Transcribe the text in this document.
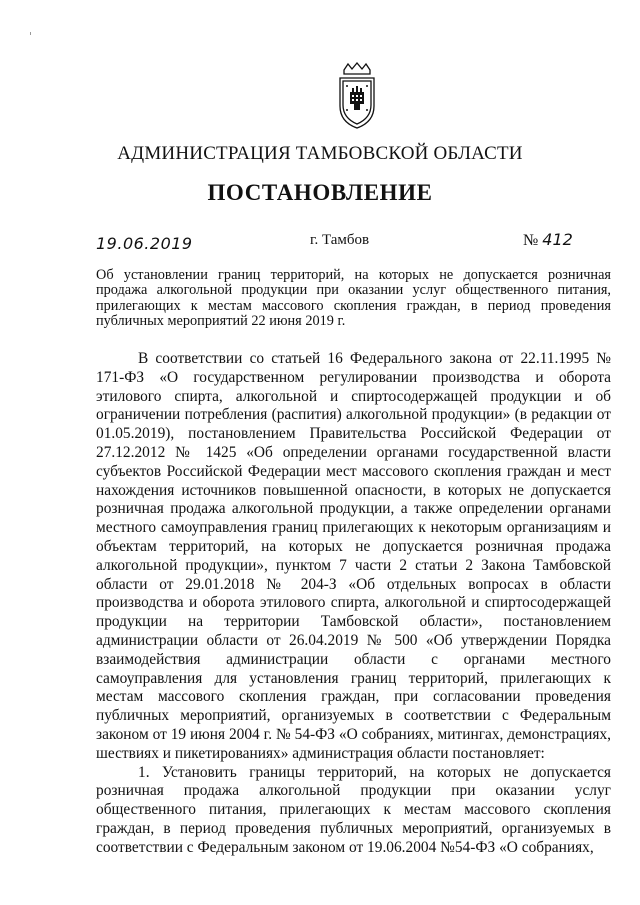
АДМИНИСТРАЦИЯ ТАМБОВСКОЙ ОБЛАСТИ
ПОСТАНОВЛЕНИЕ
19.06.2019	г. Тамбов	№ 412
Об установлении границ территорий, на которых не допускается розничная продажа алкогольной продукции при оказании услуг общественного питания, прилегающих к местам массового скопления граждан, в период проведения публичных мероприятий 22 июня 2019 г.

В соответствии со статьей 16 Федерального закона от 22.11.1995 № 171-ФЗ «О государственном регулировании производства и оборота этилового спирта, алкогольной и спиртосодержащей продукции и об ограничении потребления (распития) алкогольной продукции» (в редакции от 01.05.2019), постановлением Правительства Российской Федерации от 27.12.2012 № 1425 «Об определении органами государственной власти субъектов Российской Федерации мест массового скопления граждан и мест нахождения источников повышенной опасности, в которых не допускается розничная продажа алкогольной продукции, а также определении органами местного самоуправления границ прилегающих к некоторым организациям и объектам территорий, на которых не допускается розничная продажа алкогольной продукции», пунктом 7 части 2 статьи 2 Закона Тамбовской области от 29.01.2018 № 204-З «Об отдельных вопросах в области производства и оборота этилового спирта, алкогольной и спиртосодержащей продукции на территории Тамбовской области», постановлением администрации области от 26.04.2019 № 500 «Об утверждении Порядка взаимодействия администрации области с органами местного самоуправления для установления границ территорий, прилегающих к местам массового скопления граждан, при согласовании проведения публичных мероприятий, организуемых в соответствии с Федеральным законом от 19 июня 2004 г. № 54-ФЗ «О собраниях, митингах, демонстрациях, шествиях и пикетированиях» администрация области постановляет:

1. Установить границы территорий, на которых не допускается розничная продажа алкогольной продукции при оказании услуг общественного питания, прилегающих к местам массового скопления граждан, в период проведения публичных мероприятий, организуемых в соответствии с Федеральным законом от 19.06.2004 №54-ФЗ «О собраниях,
